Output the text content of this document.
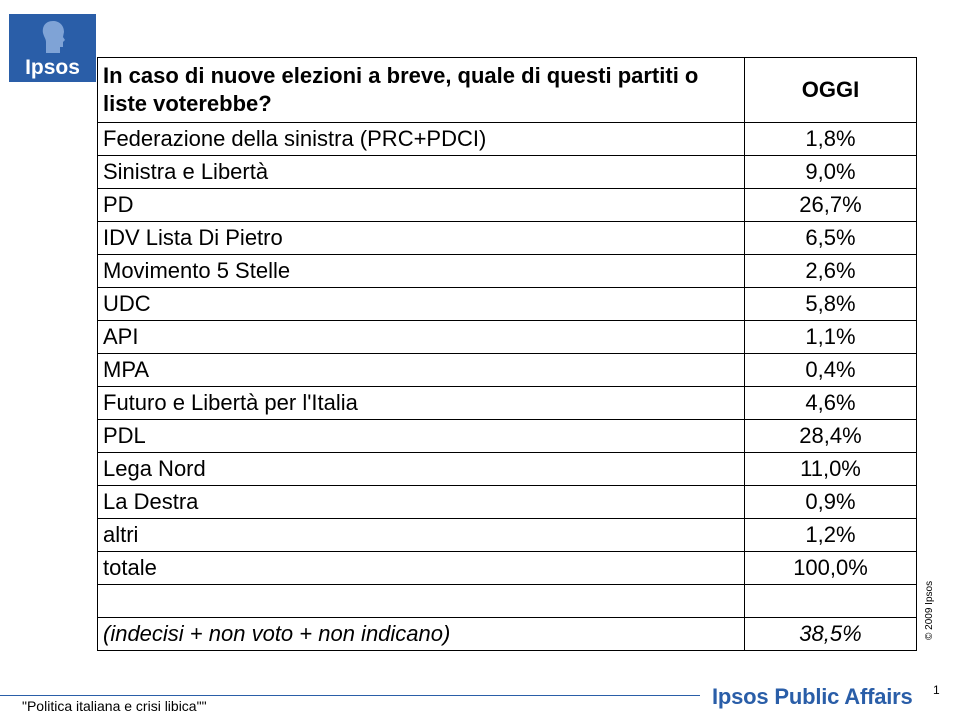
Ipsos	In caso di nuove elezioni a breve, quale di questi partiti o liste voterebbe?	OGGI
Federazione della sinistra (PRC+PDCI)	1,8%
Sinistra e Libertà	9,0%
PD	26,7%
IDV Lista Di Pietro	6,5%
Movimento 5 Stelle	2,6%
UDC	5,8%
API	1,1%
MPA	0,4%
Futuro e Libertà per l'Italia	4,6%
PDL	28,4%
Lega Nord	11,0%
La Destra	0,9%
altri	1,2%
totale	100,0%

(indecisi + non voto + non indicano)	38,5%	© 2009 Ipsos
"Politica italiana e crisi libica""	Ipsos Public Affairs 1
